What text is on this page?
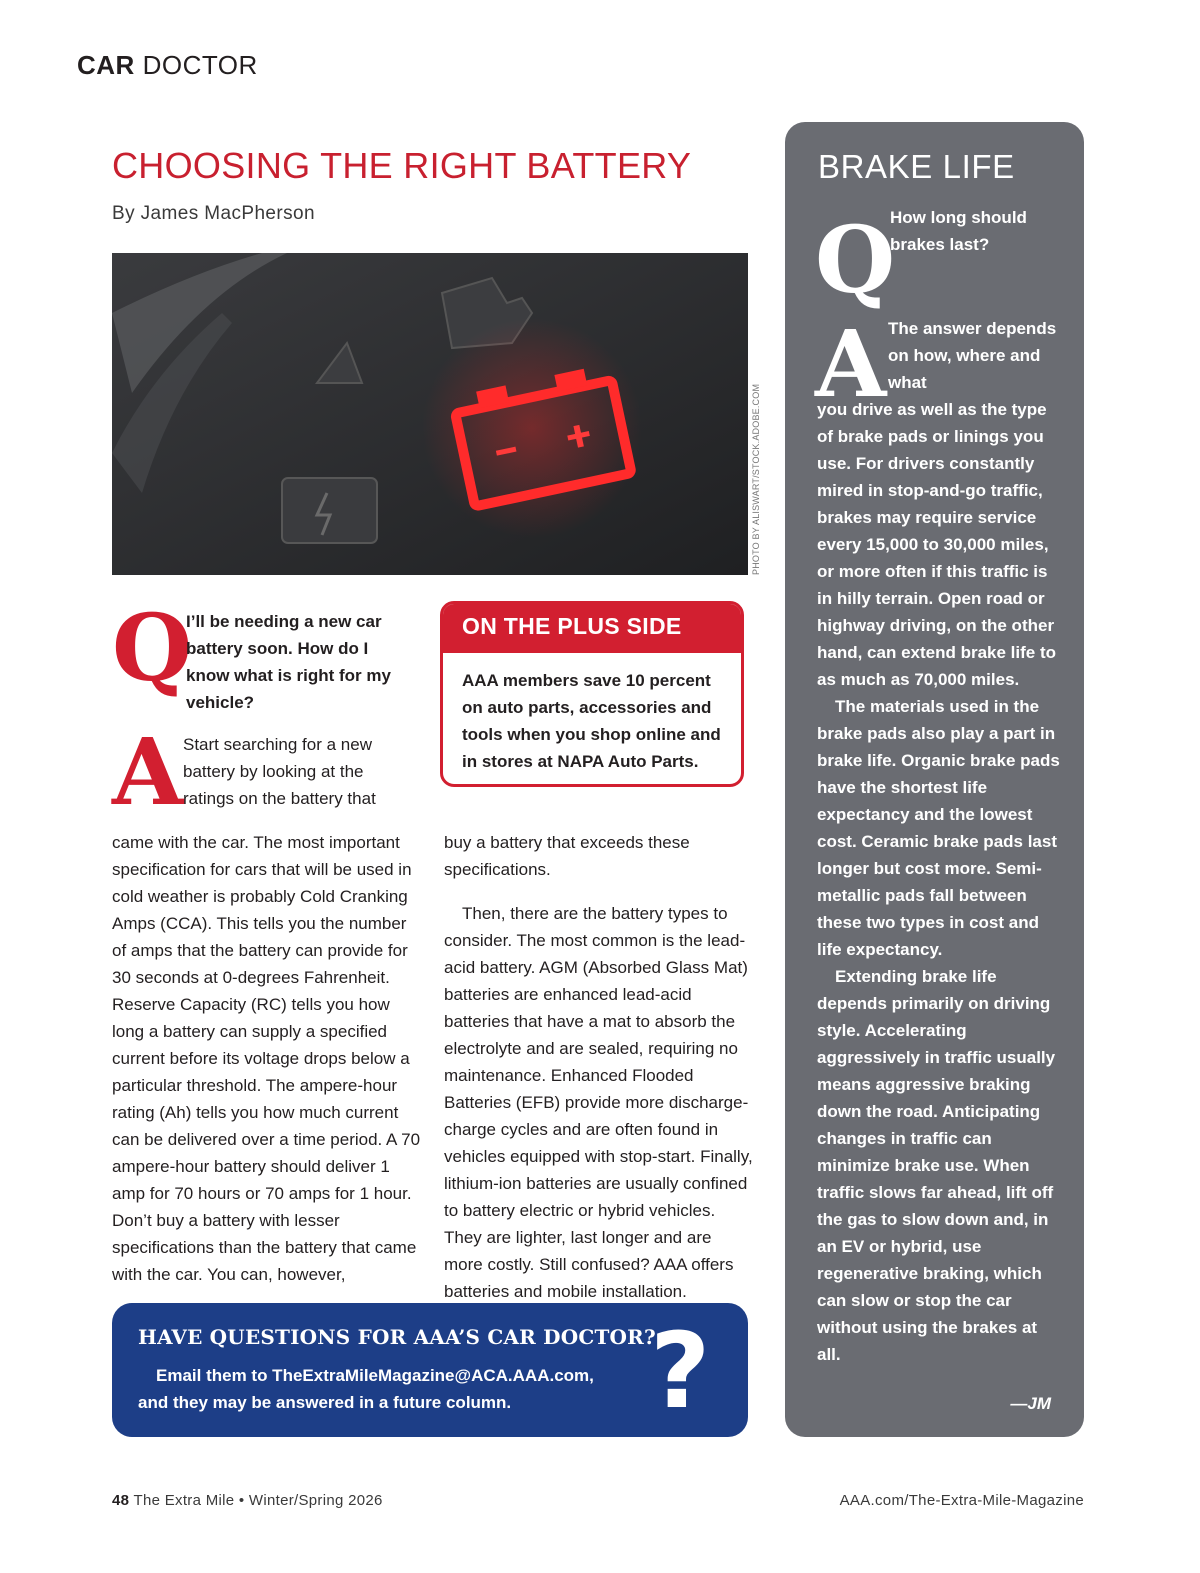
CAR DOCTOR
CHOOSING THE RIGHT BATTERY
By James MacPherson
PHOTO BY ALISWART/STOCK.ADOBE.COM
Q
I’ll be needing a new car battery soon. How do I know what is right for my vehicle?
A Start searching for a new battery by looking at the ratings on the battery that

came with the car. The most important specification for cars that will be used in cold weather is probably Cold Cranking Amps (CCA). This tells you the number of amps that the battery can provide for 30 seconds at 0-degrees Fahrenheit. Reserve Capacity (RC) tells you how long a battery can supply a specified current before its voltage drops below a particular threshold. The ampere-hour rating (Ah) tells you how much current can be delivered over a time period. A 70 ampere-hour battery should deliver 1 amp for 70 hours or 70 amps for 1 hour. Don’t buy a battery with lesser specifications than the battery that came with the car. You can, however,

ON THE PLUS SIDE
AAA members save 10 percent on auto parts, accessories and tools when you shop online and in stores at NAPA Auto Parts.

buy a battery that exceeds these specifications.

Then, there are the battery types to consider. The most common is the lead-acid battery. AGM (Absorbed Glass Mat) batteries are enhanced lead-acid batteries that have a mat to absorb the electrolyte and are sealed, requiring no maintenance. Enhanced Flooded Batteries (EFB) provide more discharge-charge cycles and are often found in vehicles equipped with stop-start. Finally, lithium-ion batteries are usually confined to battery electric or hybrid vehicles. They are lighter, last longer and are more costly. Still confused? AAA offers batteries and mobile installation.

HAVE QUESTIONS FOR AAA’S CAR DOCTOR?
Email them to TheExtraMileMagazine@ACA.AAA.com,
and they may be answered in a future column. ?
BRAKE LIFE
Q
How long should brakes last?
A The answer depends on how, where and what

you drive as well as the type of brake pads or linings you use. For drivers constantly mired in stop-and-go traffic, brakes may require service every 15,000 to 30,000 miles, or more often if this traffic is in hilly terrain. Open road or highway driving, on the other hand, can extend brake life to as much as 70,000 miles.

The materials used in the brake pads also play a part in brake life. Organic brake pads have the shortest life expectancy and the lowest cost. Ceramic brake pads last longer but cost more. Semi-metallic pads fall between these two types in cost and life expectancy.

Extending brake life depends primarily on driving style. Accelerating aggressively in traffic usually means aggressive braking down the road. Anticipating changes in traffic can minimize brake use. When traffic slows far ahead, lift off the gas to slow down and, in an EV or hybrid, use regenerative braking, which can slow or stop the car without using the brakes at all.

—JM
48 The Extra Mile • Winter/Spring 2026	AAA.com/The-Extra-Mile-Magazine
